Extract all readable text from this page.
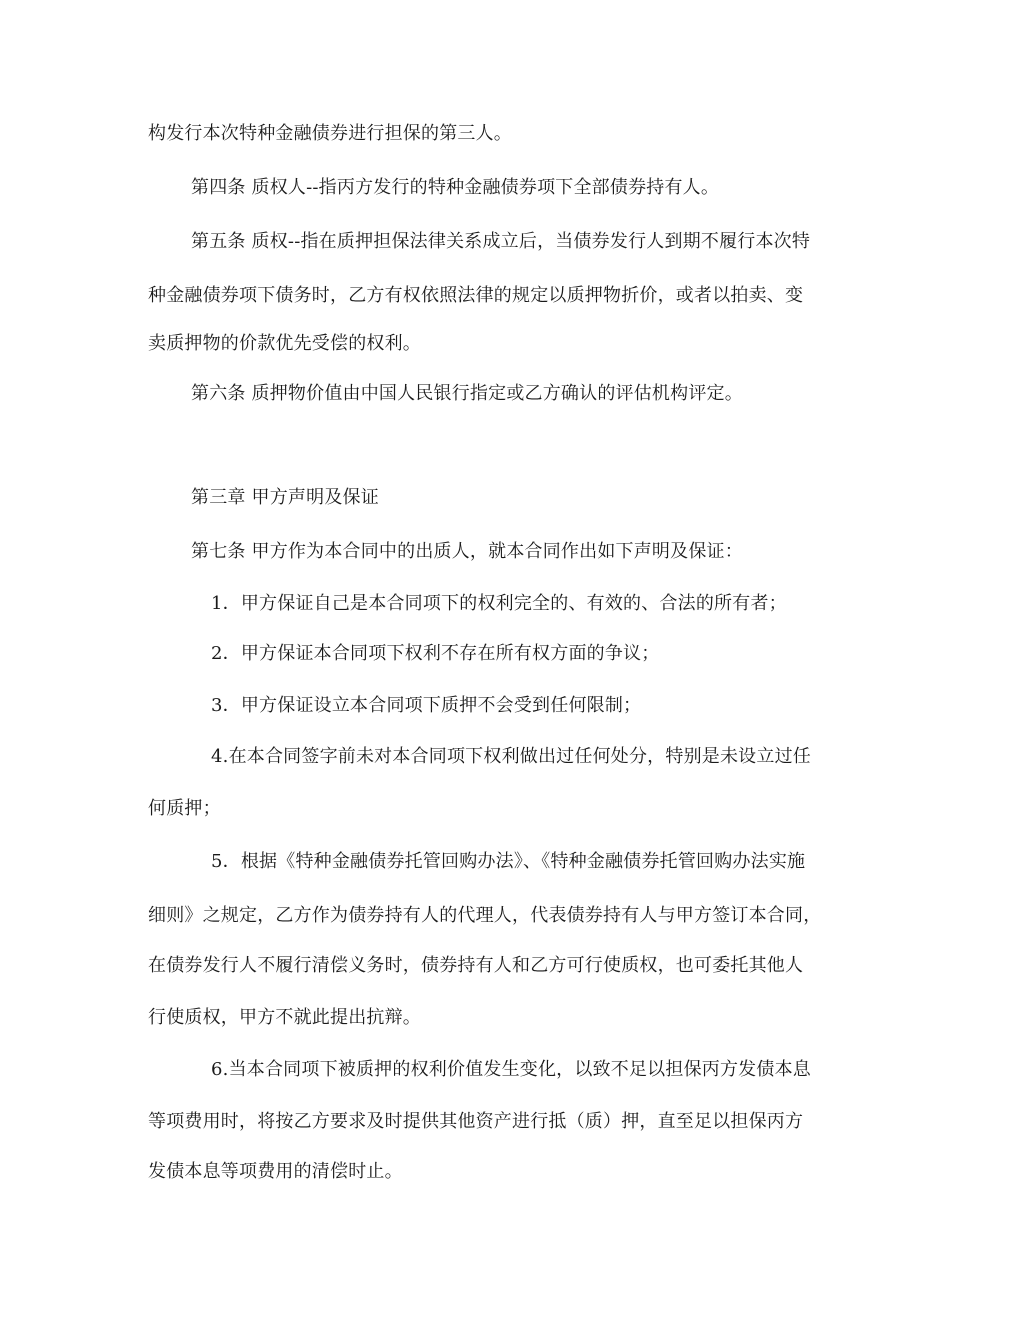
构发行本次特种金融债券进行担保的第三人。
第四条 质权人--指丙方发行的特种金融债券项下全部债券持有人。
第五条 质权--指在质押担保法律关系成立后，当债券发行人到期不履行本次特
种金融债券项下债务时，乙方有权依照法律的规定以质押物折价，或者以拍卖、变
卖质押物的价款优先受偿的权利。
第六条 质押物价值由中国人民银行指定或乙方确认的评估机构评定。
第三章 甲方声明及保证
第七条 甲方作为本合同中的出质人，就本合同作出如下声明及保证：
1．甲方保证自己是本合同项下的权利完全的、有效的、合法的所有者；
2．甲方保证本合同项下权利不存在所有权方面的争议；
3．甲方保证设立本合同项下质押不会受到任何限制；
4.在本合同签字前未对本合同项下权利做出过任何处分，特别是未设立过任
何质押；
5．根据《特种金融债券托管回购办法》、《特种金融债券托管回购办法实施
细则》之规定，乙方作为债券持有人的代理人，代表债券持有人与甲方签订本合同，
在债券发行人不履行清偿义务时，债券持有人和乙方可行使质权，也可委托其他人
行使质权，甲方不就此提出抗辩。
6.当本合同项下被质押的权利价值发生变化，以致不足以担保丙方发债本息
等项费用时，将按乙方要求及时提供其他资产进行抵（质）押，直至足以担保丙方
发债本息等项费用的清偿时止。
